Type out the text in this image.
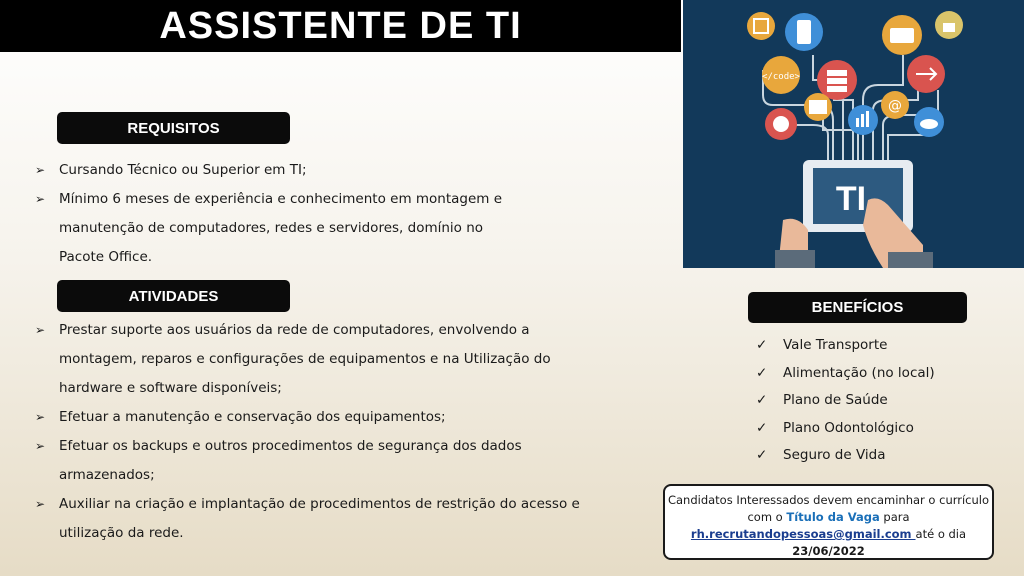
ASSISTENTE DE TI
</code>
@
TI
REQUISITOS
➢ Cursando Técnico ou Superior em TI;
➢ Mínimo 6 meses de experiência e conhecimento em montagem e
manutenção de computadores, redes e servidores, domínio no
Pacote Office.
ATIVIDADES
➢ Prestar suporte aos usuários da rede de computadores, envolvendo a
montagem, reparos e configurações de equipamentos e na Utilização do
hardware e software disponíveis;
➢ Efetuar a manutenção e conservação dos equipamentos;
➢ Efetuar os backups e outros procedimentos de segurança dos dados
armazenados;
➢ Auxiliar na criação e implantação de procedimentos de restrição do acesso e
utilização da rede.
BENEFÍCIOS
✓ Vale Transporte
✓ Alimentação (no local)
✓ Plano de Saúde
✓ Plano Odontológico
✓ Seguro de Vida
Candidatos Interessados devem encaminhar o currículo
com o Título da Vaga para
rh.recrutandopessoas@gmail.com até o dia
23/06/2022
